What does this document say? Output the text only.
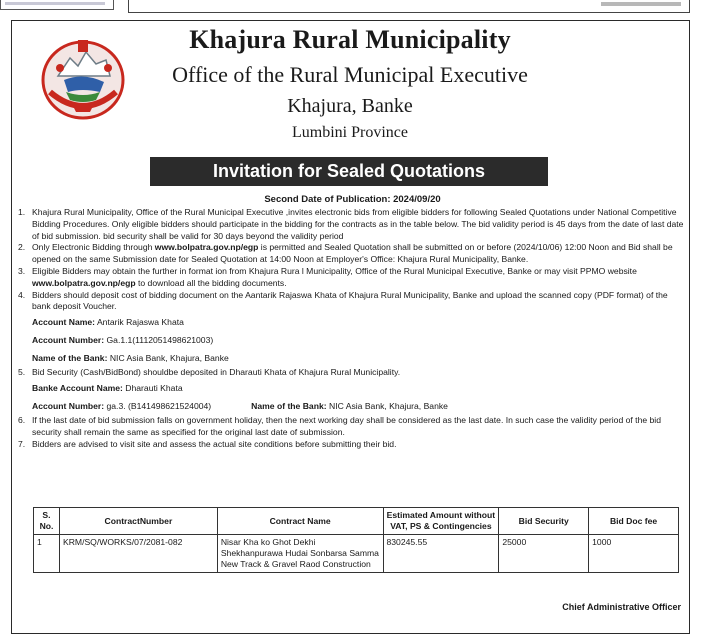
Khajura Rural Municipality
Office of the Rural Municipal Executive
Khajura, Banke
Lumbini Province
Invitation for Sealed Quotations
Second Date of Publication: 2024/09/20
1. Khajura Rural Municipality, Office of the Rural Municipal Executive ,invites electronic bids from eligible bidders for following Sealed Quotations under National Competitive Bidding Procedures. Only eligible bidders should participate in the bidding for the contracts as in the table below. The bid validity period is 45 days from the date of last date of bid submission. bid security shall be valid for 30 days beyond the validity period

2. Only Electronic Bidding through www.bolpatra.gov.np/egp is permitted and Sealed Quotation shall be submitted on or before (2024/10/06) 12:00 Noon and Bid shall be opened on the same Submission date for Sealed Quotation at 14:00 Noon at Employer's Office: Khajura Rural Municipality, Banke.

3. Eligible Bidders may obtain the further in format ion from Khajura Rura l Municipality, Office of the Rural Municipal Executive, Banke or may visit PPMO website www.bolpatra.gov.np/egp to download all the bidding documents.

4. Bidders should deposit cost of bidding document on the Aantarik Rajaswa Khata of Khajura Rural Municipality, Banke and upload the scanned copy (PDF format) of the bank deposit Voucher.

Account Name: Antarik Rajaswa Khata
Account Number: Ga.1.1(1112051498621003)
Name of the Bank: NIC Asia Bank, Khajura, Banke
5. Bid Security (Cash/BidBond) shouldbe deposited in Dharauti Khata of Khajura Rural Municipality.

Banke Account Name: Dharauti Khata
Account Number: ga.3. (B141498621524004)	Name of the Bank: NIC Asia Bank, Khajura, Banke
6. If the last date of bid submission falls on government holiday, then the next working day shall be considered as the last date. In such case the validity period of the bid security shall remain the same as specified for the original last date of submission.

7. Bidders are advised to visit site and assess the actual site conditions before submitting their bid.

S. No.	ContractNumber	Contract Name	Estimated Amount without VAT, PS & Contingencies	Bid Security	Bid Doc fee
1	KRM/SQ/WORKS/07/2081-082	Nisar Kha ko Ghot Dekhi Shekhanpurawa Hudai Sonbarsa Samma New Track & Gravel Raod Construction	830245.55	25000	1000
Chief Administrative Officer
